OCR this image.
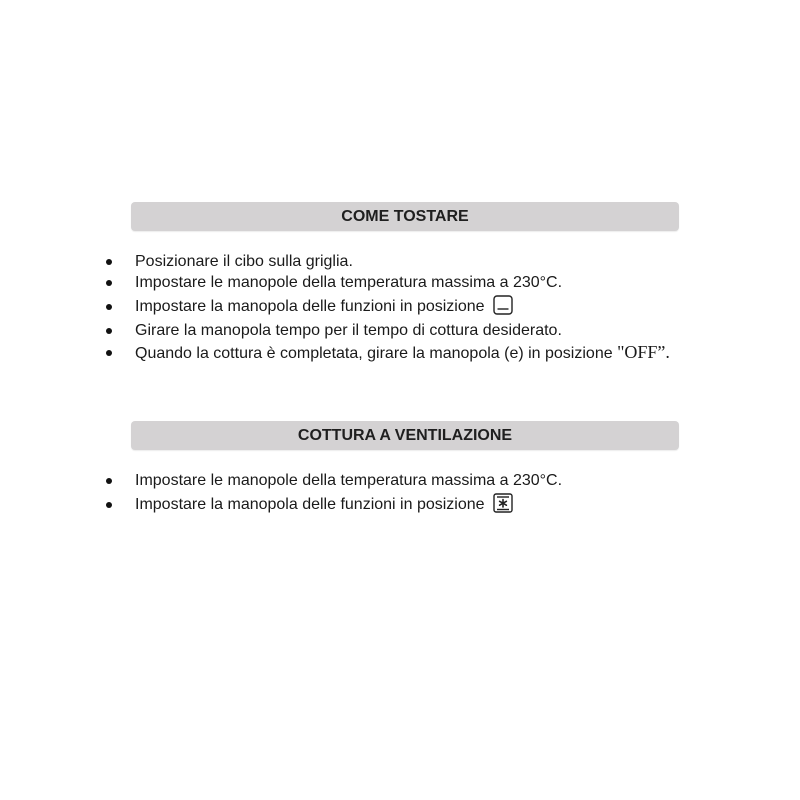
COME TOSTARE
Posizionare il cibo sulla griglia.
Impostare le manopole della temperatura massima a 230°C.
Impostare la manopola delle funzioni in posizione
Girare la manopola tempo per il tempo di cottura desiderato.
Quando la cottura è completata, girare la manopola (e) in posizione "OFF”.
COTTURA A VENTILAZIONE
Impostare le manopole della temperatura massima a 230°C.
Impostare la manopola delle funzioni in posizione
